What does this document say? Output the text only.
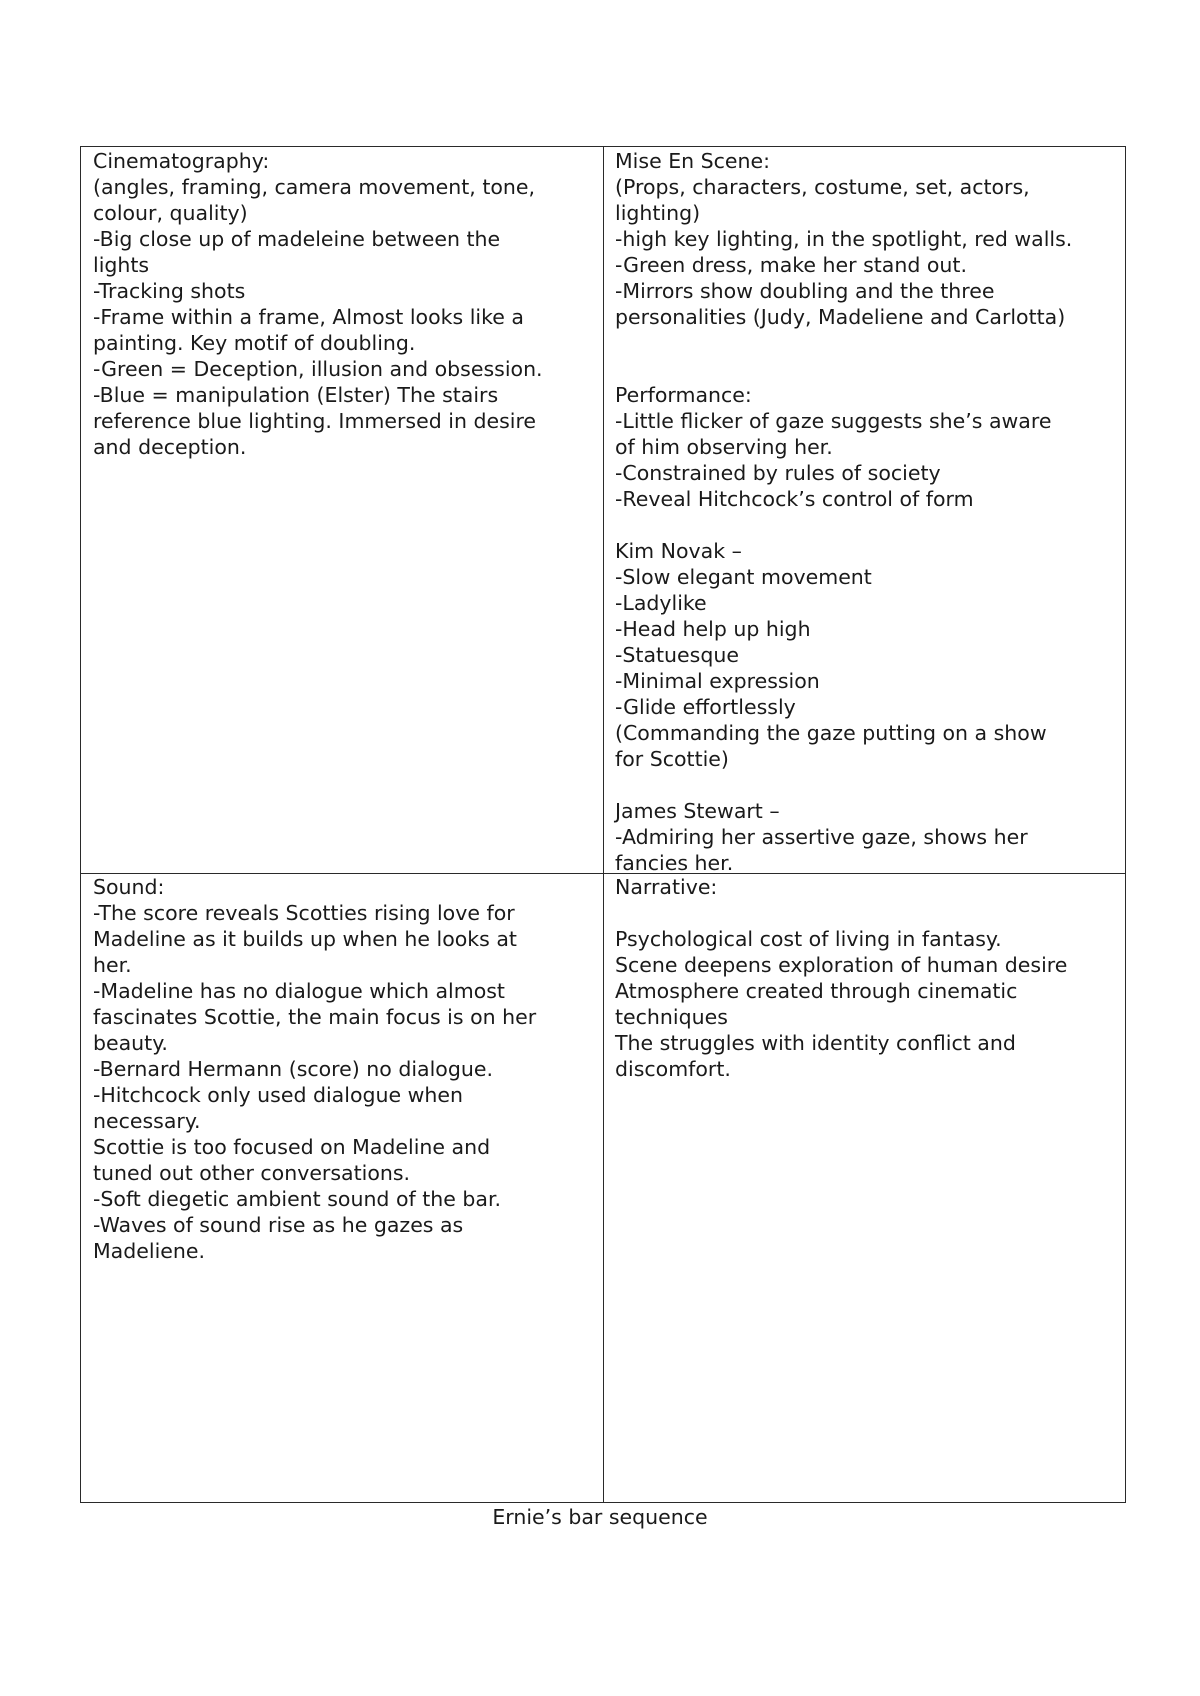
Cinematography:
(angles, framing, camera movement, tone,
colour, quality)
-Big close up of madeleine between the
lights
-Tracking shots
-Frame within a frame, Almost looks like a
painting. Key motif of doubling.
-Green = Deception, illusion and obsession.
-Blue = manipulation (Elster) The stairs
reference blue lighting. Immersed in desire
and deception.
Mise En Scene:
(Props, characters, costume, set, actors,
lighting)
-high key lighting, in the spotlight, red walls.
-Green dress, make her stand out.
-Mirrors show doubling and the three
personalities (Judy, Madeliene and Carlotta)
Performance:
-Little flicker of gaze suggests she’s aware
of him observing her.
-Constrained by rules of society
-Reveal Hitchcock’s control of form
Kim Novak –
-Slow elegant movement
-Ladylike
-Head help up high
-Statuesque
-Minimal expression
-Glide effortlessly
(Commanding the gaze putting on a show
for Scottie)
James Stewart –
-Admiring her assertive gaze, shows her
fancies her.
Sound:
-The score reveals Scotties rising love for
Madeline as it builds up when he looks at
her.
-Madeline has no dialogue which almost
fascinates Scottie, the main focus is on her
beauty.
-Bernard Hermann (score) no dialogue.
-Hitchcock only used dialogue when
necessary.
Scottie is too focused on Madeline and
tuned out other conversations.
-Soft diegetic ambient sound of the bar.
-Waves of sound rise as he gazes as
Madeliene.
Narrative:
Psychological cost of living in fantasy.
Scene deepens exploration of human desire
Atmosphere created through cinematic
techniques
The struggles with identity conflict and
discomfort.
Ernie’s bar sequence
